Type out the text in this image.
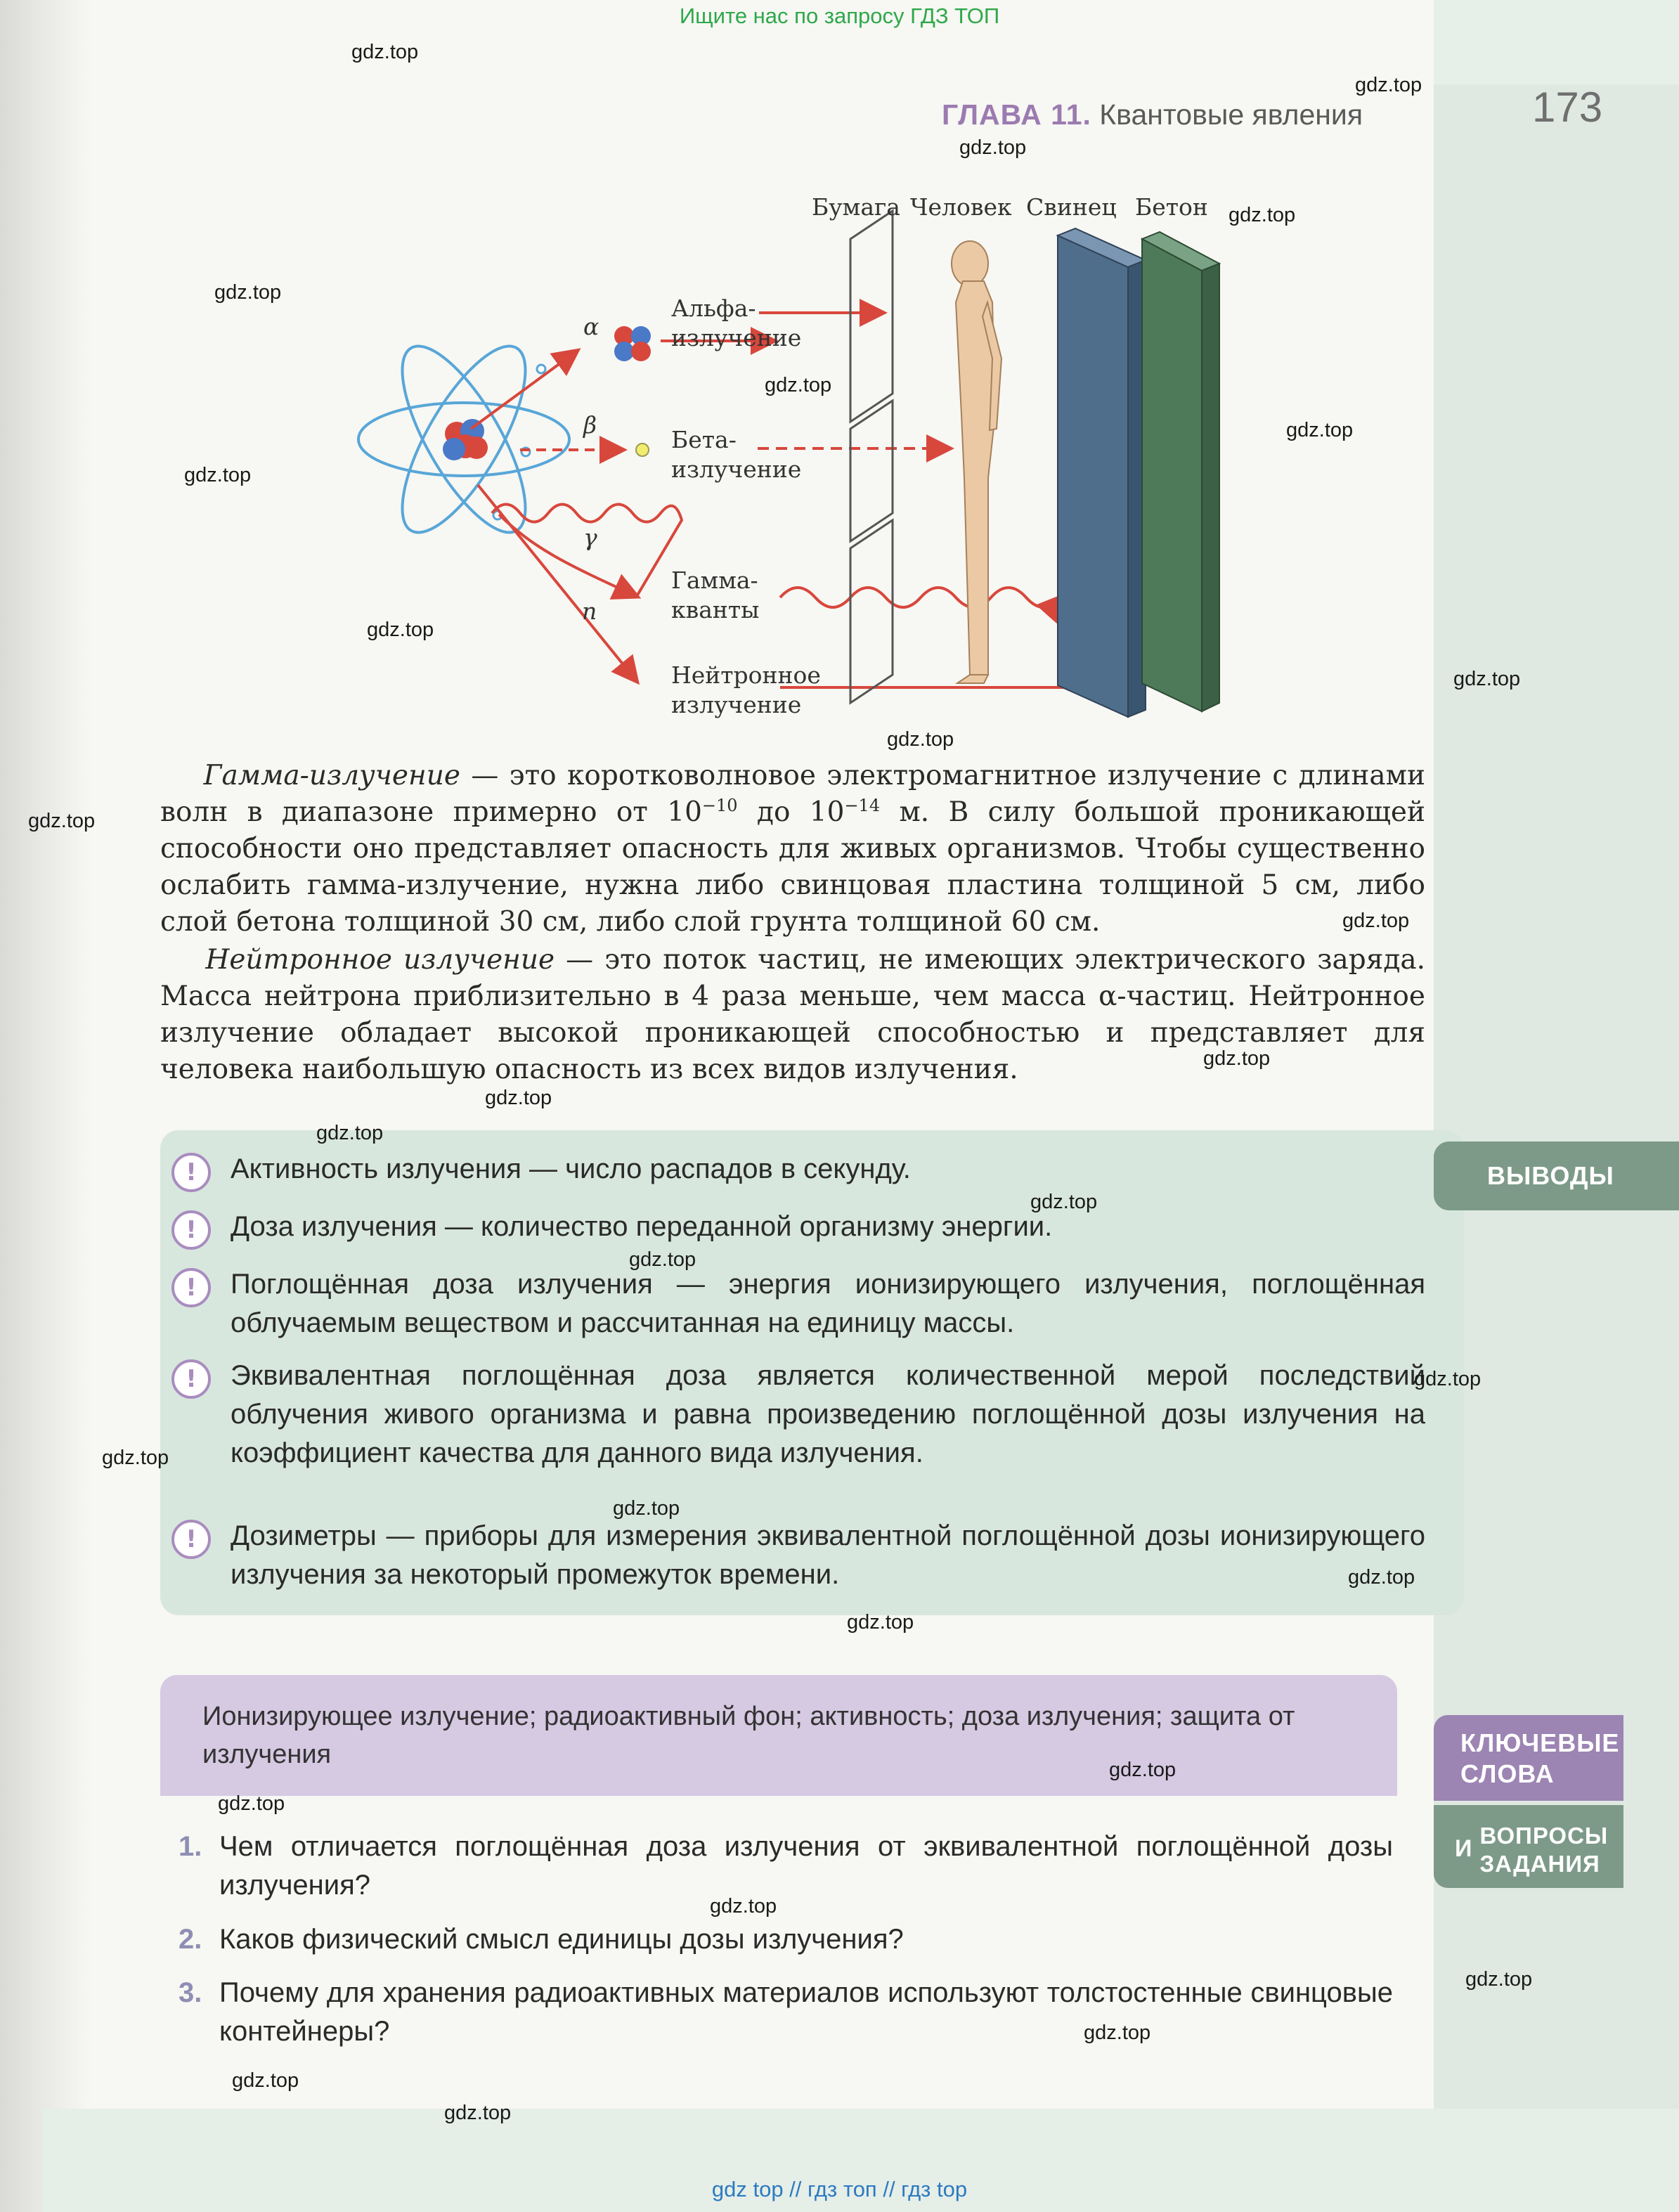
Ищите нас по запросу ГДЗ ТОП
ГЛАВА 11. Квантовые явления	173
Бумага Человек Свинец Бетон
α
β
γ
n
Альфа-
излучение
Бета-
излучение
Гамма-
кванты
Нейтронное
излучение
Гамма-излучение — это коротковолновое электромагнитное излучение с длинами волн в диапазоне примерно от $10^{-10}$ до $10^{-14}$ м. В силу большой проникающей способности оно представляет опасность для живых организмов. Чтобы существенно ослабить гамма-излучение, нужна либо свинцовая пластина толщиной 5 см, либо слой бетона толщиной 30 см, либо слой грунта толщиной 60 см.
Нейтронное излучение — это поток частиц, не имеющих электрического заряда. Масса нейтрона приблизительно в 4 раза меньше, чем масса α-частиц. Нейтронное излучение обладает высокой проникающей способностью и представляет для человека наибольшую опасность из всех видов излучения.
!	Активность излучения — число распадов в секунду.
!	Доза излучения — количество переданной организму энергии.
!	Поглощённая доза излучения — энергия ионизирующего излучения, поглощённая облучаемым веществом и рассчитанная на единицу массы.
!	Эквивалентная поглощённая доза является количественной мерой последствий облучения живого организма и равна произведению поглощённой дозы излучения на коэффициент качества для данного вида излучения.
!	Дозиметры — приборы для измерения эквивалентной поглощённой дозы ионизирующего излучения за некоторый промежуток времени.
ВЫВОДЫ
Ионизирующее излучение; радиоактивный фон; активность; доза излучения; защита от излучения	КЛЮЧЕВЫЕ
СЛОВА
И ВОПРОСЫ
ЗАДАНИЯ
1. Чем отличается поглощённая доза излучения от эквивалентной поглощённой дозы излучения?
2. Каков физический смысл единицы дозы излучения?
3. Почему для хранения радиоактивных материалов используют толстостенные свинцовые контейнеры?
gdz.top
gdz.top
gdz.top
gdz.top
gdz.top
gdz.top
gdz.top
gdz.top
gdz.top
gdz.top
gdz.top
gdz.top
gdz.top
gdz.top
gdz.top
gdz.top
gdz.top
gdz.top
gdz.top
gdz.top
gdz.top
gdz.top
gdz.top
gdz.top
gdz.top
gdz.top
gdz.top
gdz.top
gdz.top
gdz.top
gdz top // гдз топ // гдз top
